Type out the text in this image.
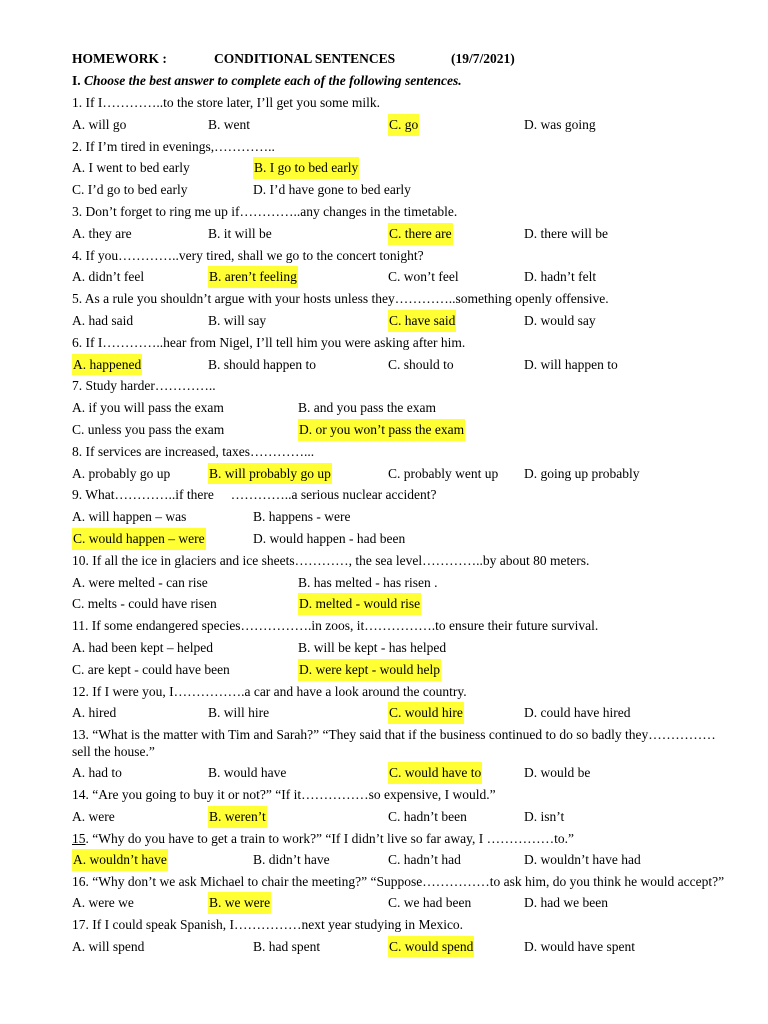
HOMEWORK :	CONDITIONAL SENTENCES	(19/7/2021)
I. Choose the best answer to complete each of the following sentences.
1. If I…………..to the store later, I’ll get you some milk.
A. will go	B. went	C. go	D. was going
2. If I’m tired in evenings,…………..
A. I went to bed early	B. I go to bed early
C. I’d go to bed early	D. I’d have gone to bed early
3. Don’t forget to ring me up if…………..any changes in the timetable.
A. they are	B. it will be	C. there are	D. there will be
4. If you…………..very tired, shall we go to the concert tonight?
A. didn’t feel	B. aren’t feeling	C. won’t feel	D. hadn’t felt
5. As a rule you shouldn’t argue with your hosts unless they…………..something openly offensive.
A. had said	B. will say	C. have said	D. would say
6. If I…………..hear from Nigel, I’ll tell him you were asking after him.
A. happened	B. should happen to	C. should to	D. will happen to
7. Study harder…………..
A. if you will pass the exam	B. and you pass the exam
C. unless you pass the exam	D. or you won’t pass the exam
8. If services are increased, taxes…………...
A. probably go up	B. will probably go up	C. probably went up D. going up probably
9. What…………..if there     …………..a serious nuclear accident?
A. will happen – was	B. happens - were
C. would happen – were	D. would happen - had been
10. If all the ice in glaciers and ice sheets…………, the sea level…………..by about 80 meters.
A. were melted - can rise	B. has melted - has risen .
C. melts - could have risen	D. melted - would rise
11. If some endangered species…………….in zoos, it…………….to ensure their future survival.
A. had been kept – helped	B. will be kept - has helped
C. are kept - could have been	D. were kept - would help
12. If I were you, I…………….a car and have a look around the country.
A. hired	B. will hire	C. would hire	D. could have hired
13. “What is the matter with Tim and Sarah?” “They said that if the business continued to do so badly they……………sell the house.”
A. had to	B. would have	C. would have to	D. would be
14. “Are you going to buy it or not?” “If it……………so expensive, I would.”
A. were	B. weren’t	C. hadn’t been	D. isn’t
15. “Why do you have to get a train to work?” “If I didn’t live so far away, I ……………to.”
A. wouldn’t have	B. didn’t have	C. hadn’t had	D. wouldn’t have had
16. “Why don’t we ask Michael to chair the meeting?” “Suppose……………to ask him, do you think he would accept?”
A. were we	B. we were	C. we had been	D. had we been
17. If I could speak Spanish, I……………next year studying in Mexico.
A. will spend	B. had spent	C. would spend	D. would have spent
